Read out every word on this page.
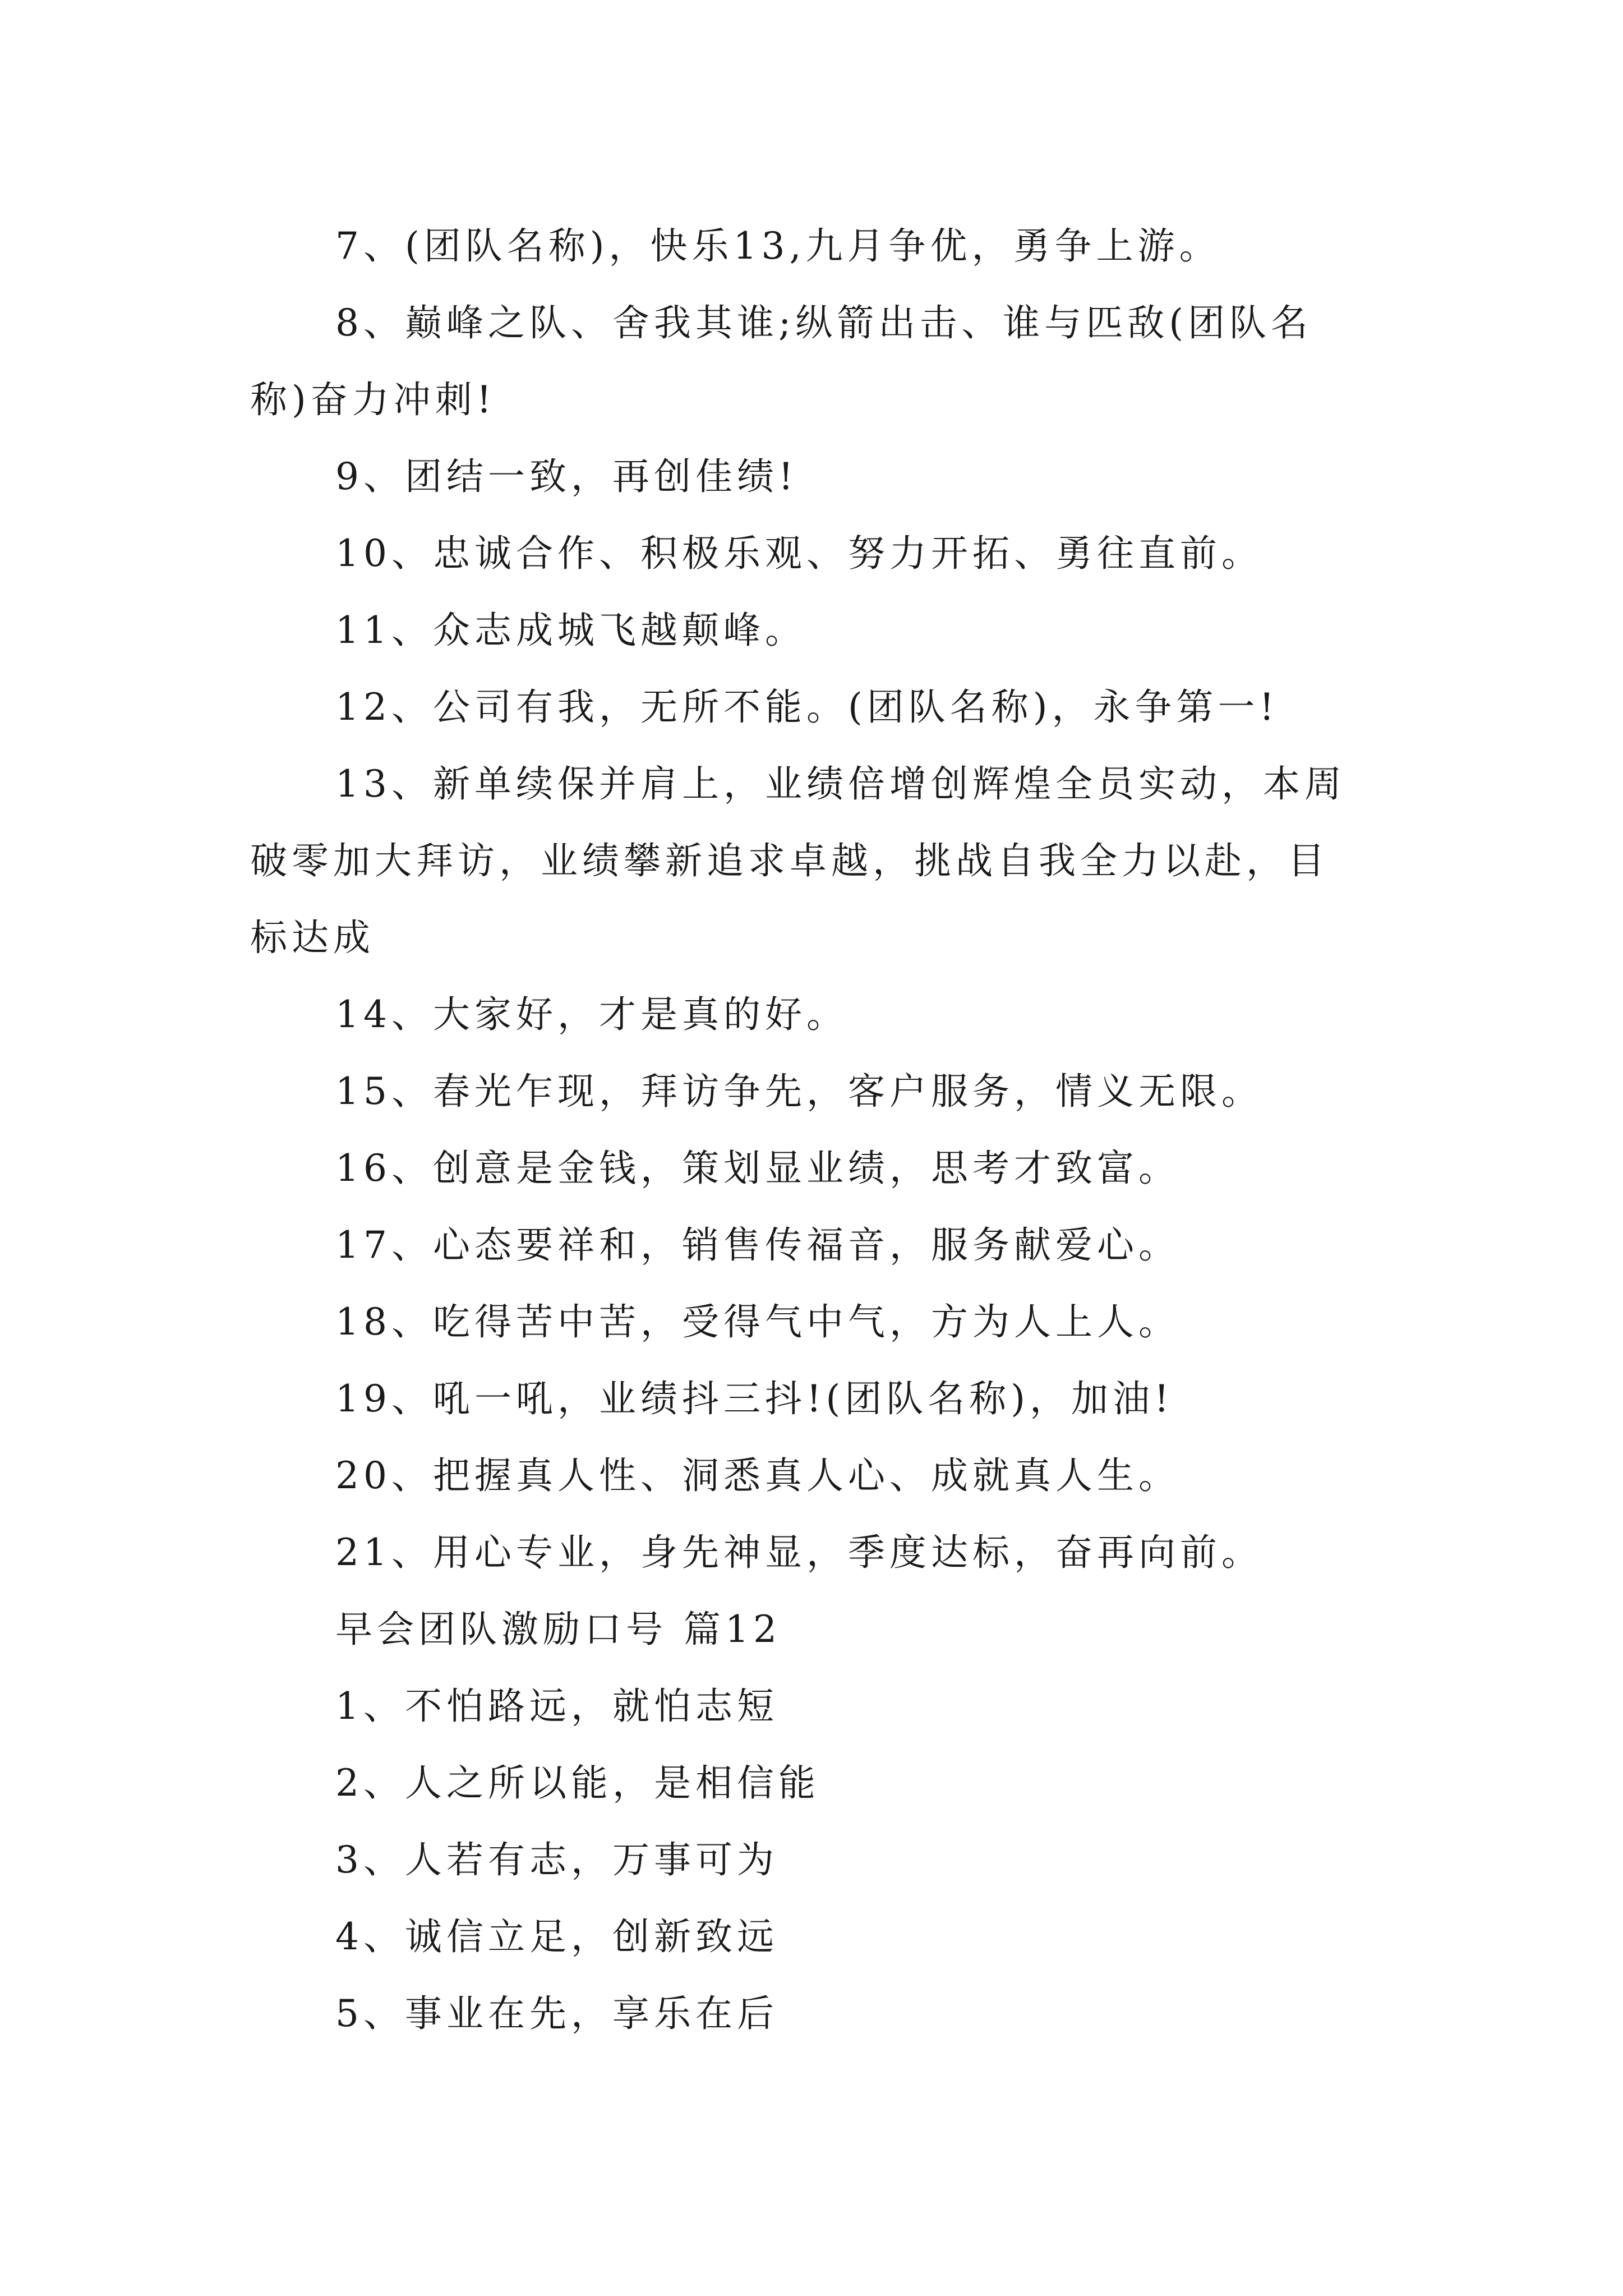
7、(团队名称)，快乐13,九月争优，勇争上游。
8、巅峰之队、舍我其谁;纵箭出击、谁与匹敌(团队名
称)奋力冲刺!
9、团结一致，再创佳绩!
10、忠诚合作、积极乐观、努力开拓、勇往直前。
11、众志成城飞越颠峰。
12、公司有我，无所不能。(团队名称)，永争第一!
13、新单续保并肩上，业绩倍增创辉煌全员实动，本周
破零加大拜访，业绩攀新追求卓越，挑战自我全力以赴，目
标达成
14、大家好，才是真的好。
15、春光乍现，拜访争先，客户服务，情义无限。
16、创意是金钱，策划显业绩，思考才致富。
17、心态要祥和，销售传福音，服务献爱心。
18、吃得苦中苦，受得气中气，方为人上人。
19、吼一吼，业绩抖三抖!(团队名称)，加油!
20、把握真人性、洞悉真人心、成就真人生。
21、用心专业，身先神显，季度达标，奋再向前。
早会团队激励口号 篇12
1、不怕路远，就怕志短
2、人之所以能，是相信能
3、人若有志，万事可为
4、诚信立足，创新致远
5、事业在先，享乐在后
